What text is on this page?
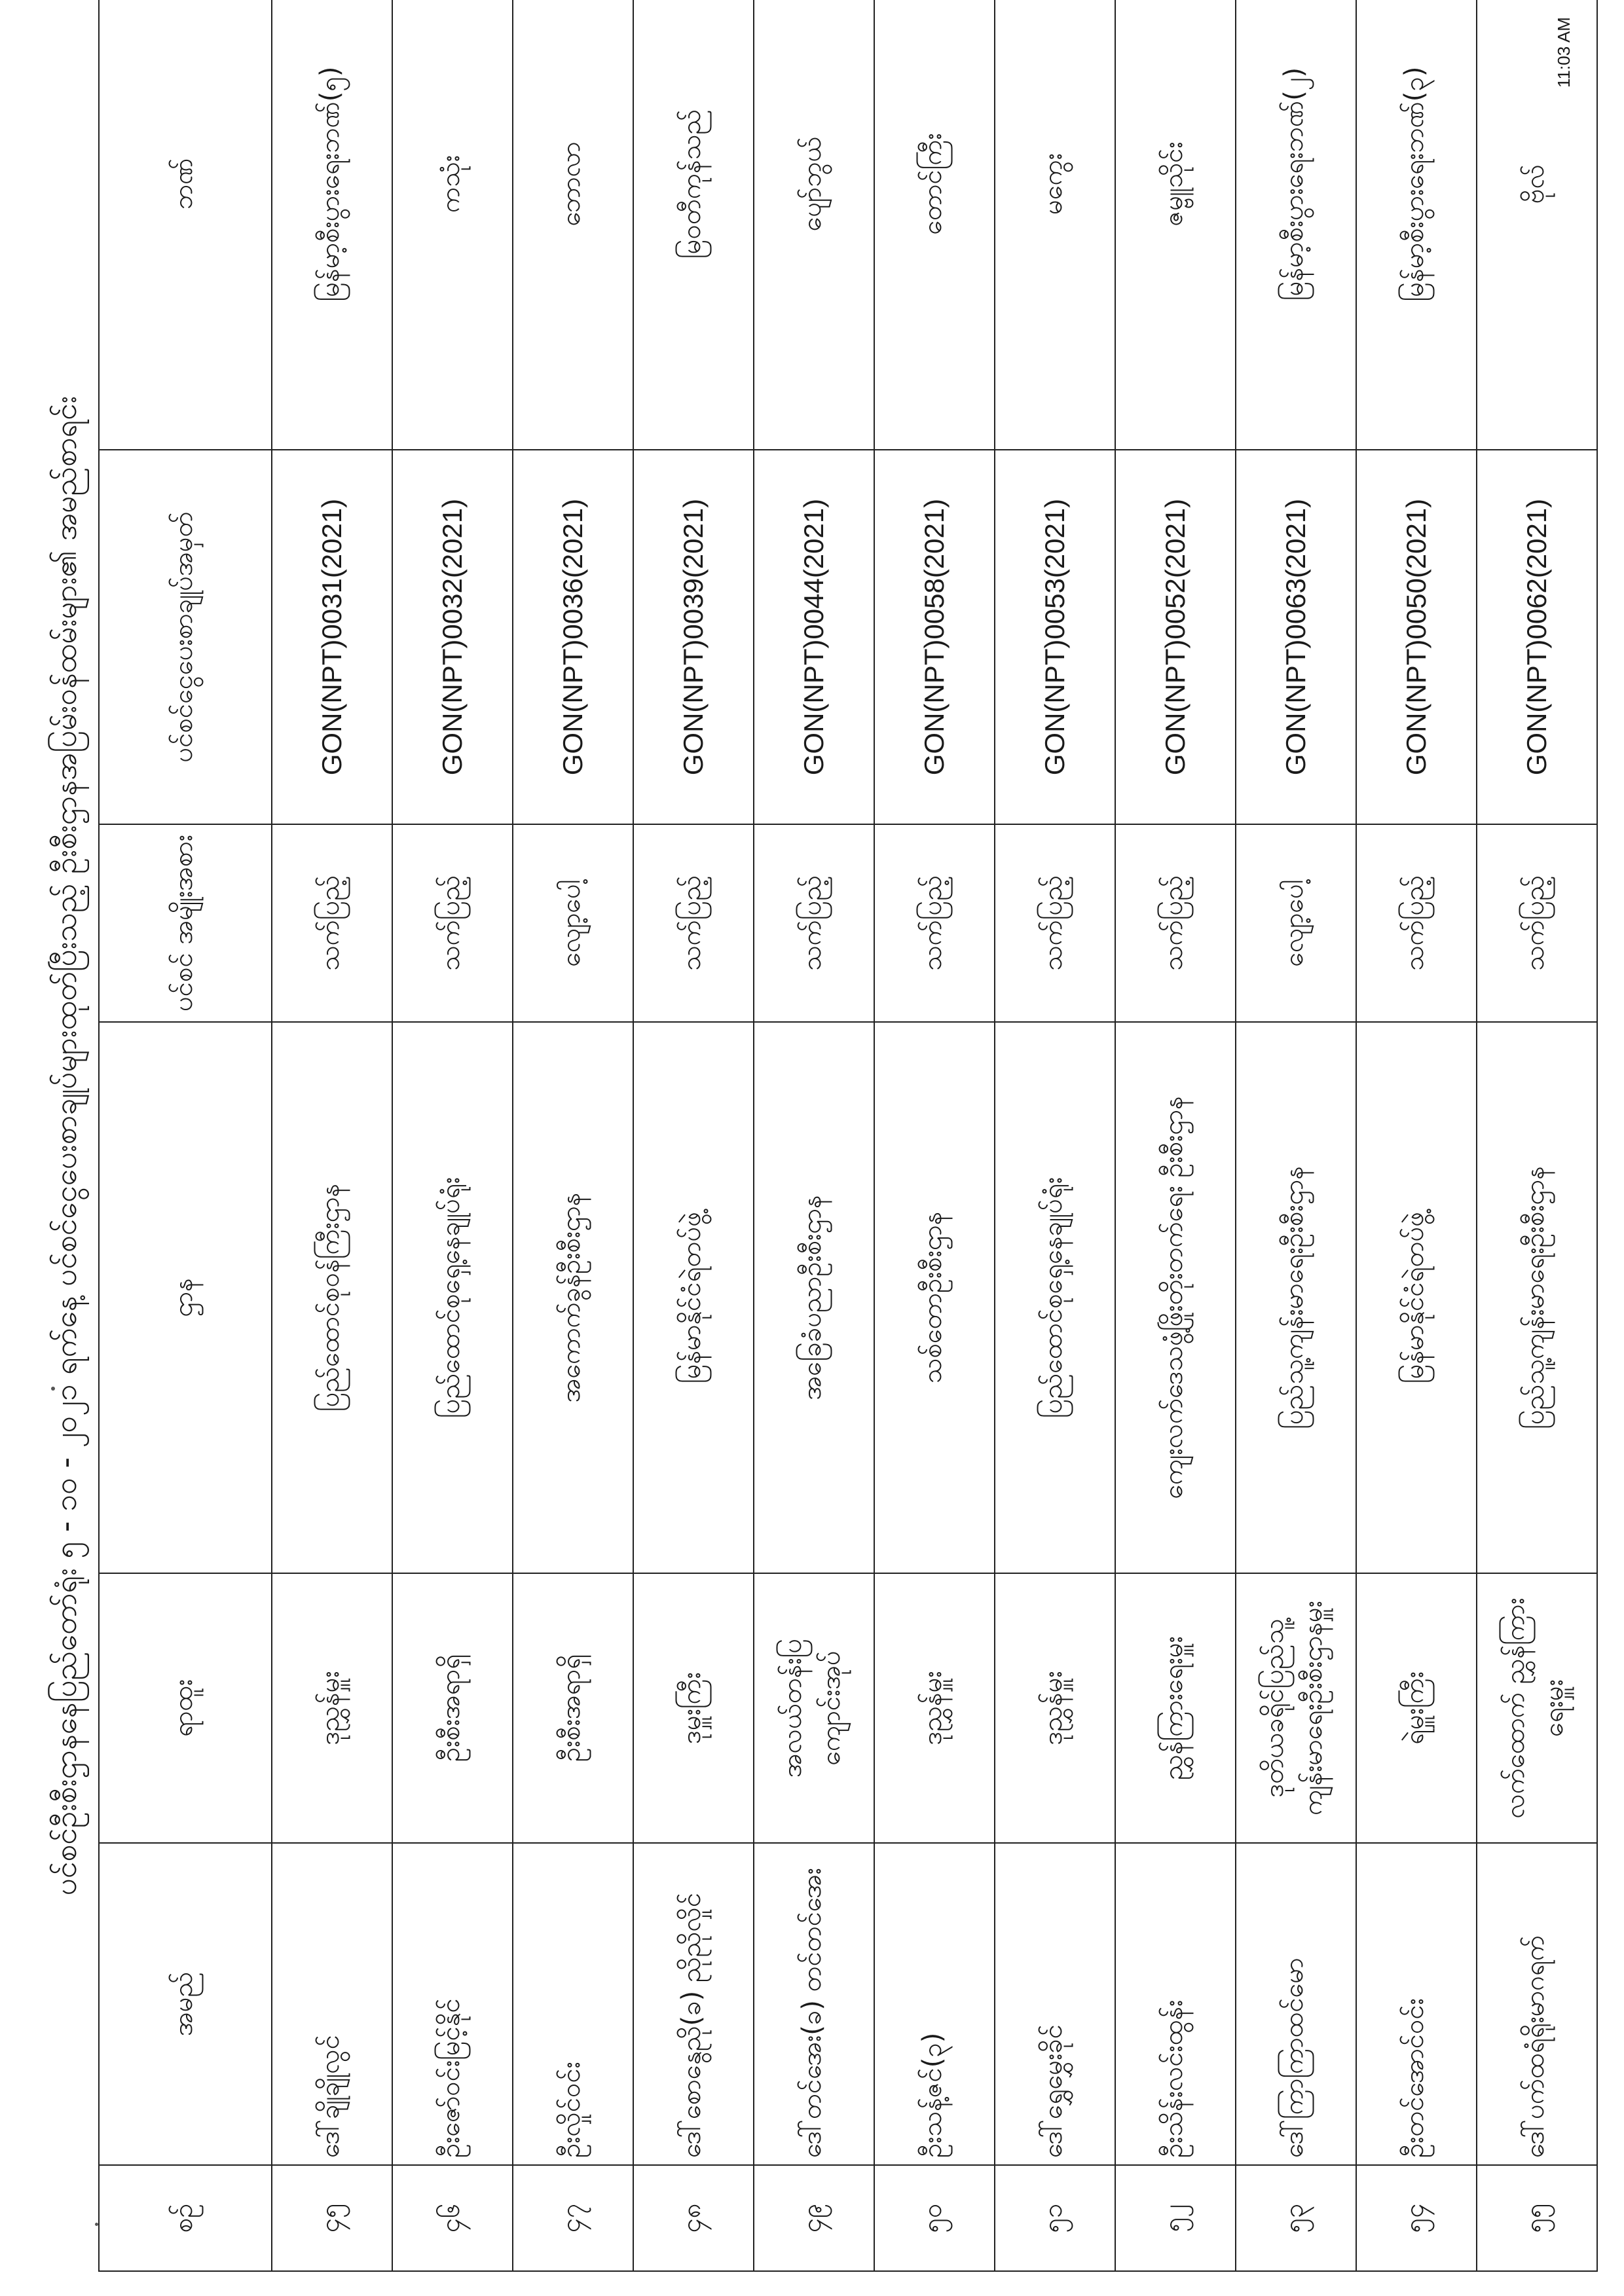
11:03 AM
ပင်စင်ဦးစီးဌာနနေပြည်တော်ရုံး ၅ - ၁၀ - ၂၀၂၁ ရက်နေ့ ပင်စင်ငွေပေးစာချုပ်များထုတ်ပြီးသည့် ဦးစီးဌာနအပြမ်းဝန်ထမ်းများ၏ အမည်စာရင်း
စဉ်	အမည်	ရာထူး	ဌာန	ပင်စင် အမျိုးအစား	ပင်စင်ငွေပေးစာချုပ်အမှတ်	ဘဏ်
၄၅	ဒေါ်ချိုချိုလွင်	ဒုညွှန်မှူး	ပြည်ထောင်စုဝန်ကြီးဌာန	သက်ပြည့်	GON(NPT)0031(2021)	မြန်မာ့စီးပွားရေးဘဏ်(၅)
၄၆	ဦးဇော်ဝင်းမြင့်နိုင်	ဦးစီးအရာရှိ	ပြည်ထောင်စုရှေ့နေချုပ်ရုံး	သက်ပြည့်	GON(NPT)0032(2021)	ကသုံး
၄၇	ဦးလှိုင်ဝင်း	ဦးစီးအရာရှိ	အကောက်ခွန်ဦးစီးဌာန	လျော့ပေါ့	GON(NPT)0036(2021)	ဘောလာ
၄၈	ဒေါ်စောနွေညို(ခ) ညိုညိုလှိုင်	ဒုမှူးကြီး	မြန်မာနိုင်ငံရဲတပ်ဖွဲ့	သက်ပြည့်	GON(NPT)0039(2021)	မြဝတီကုန်သည်
၄၉	ဒေါ်တင်အေး(ခ) တင်တင်အေး	အလယ်တန်းပြ ကျောင်းအုပ်	အခြေခံပညာဦးစီးဌာန	သက်ပြည့်	GON(NPT)0044(2021)	ပျော်ဘွယ်
၅၀	ဦးသန့်ဇင်(၃)	ဒုညွှန်မှူး	သစ်တောဦးစီးဌာန	သက်ပြည့်	GON(NPT)0058(2021)	တောင်ကြီး
၅၁	ဒေါ်ရွှေမွှေးခိုင်	ဒုညွှန်မှူး	ပြည်ထောင်စုရှေ့နေချုပ်ရုံး	သက်ပြည့်	GON(NPT)0053(2021)	မကွေး
၅၂	ဦးသိန်းလင်းထွန်း	ညွှန်ကြားရေးမှူး	ကျေးလက်ဒေသဖွံ့ဖြိုးတိုးတက်ရေး ဦးစီးဌာန	သက်ပြည့်	GON(NPT)0052(2021)	ဇမ္ဗူသိုင်း
၅၃	ဒေါ်ကြာကြာထင်မော	ဒုတိယခရိုင်ပြည်သူ့ ကျန်းမာရေးဦးစီးဌာနမှူး	ပြည်သူ့ကျန်းမာရေးဦးစီးဌာန	လျော့ပေါ့	GON(NPT)0063(2021)	မြန်မာ့စီးပွားရေးဘဏ်(၂)
၅၄	ဦးတင်အောင်ဝင်း	ရဲမှူးကြီး	မြန်မာနိုင်ငံရဲတပ်ဖွဲ့	သက်ပြည့်	GON(NPT)0050(2021)	မြန်မာ့စီးပွားရေးဘဏ်(၃)
၅၅	ဒေါ်ပက်ထရံရိုးမာဂရက်	လက်ထောက် ညွှန်ကြားရေးမှူး	ပြည်သူ့ကျန်းမာရေးဦးစီးဌာန	သက်ပြည့်	GON(NPT)0062(2021)	ဗိုလ်
